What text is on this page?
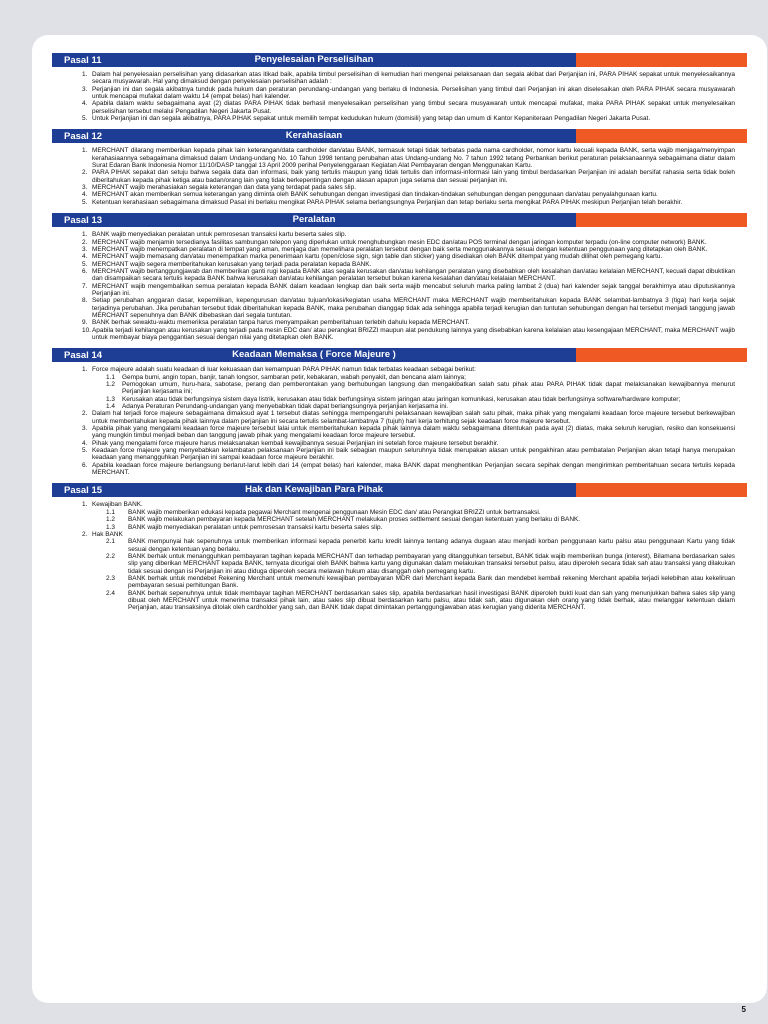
Pasal 11	Penyelesaian Perselisihan
1. Dalam hal penyelesaian perselisihan yang didasarkan atas itikad baik, apabila timbul perselisihan di kemudian hari mengenai pelaksanaan dan segala akibat dari Perjanjian ini, PARA PIHAK sepakat untuk menyelesaikannya secara musyawarah. Hal yang dimaksud dengan penyelesaian perselisihan adalah :
3. Perjanjian ini dan segala akibatnya tunduk pada hukum dan peraturan perundang-undangan yang berlaku di Indonesia. Perselisihan yang timbul dari Perjanjian ini akan diselesaikan oleh PARA PIHAK secara musyawarah untuk mencapai mufakat dalam waktu 14 (empat belas) hari kalender.
4. Apabila dalam waktu sebagaimana ayat (2) diatas PARA PIHAK tidak berhasil menyelesaikan perselisihan yang timbul secara musyawarah untuk mencapai mufakat, maka PARA PIHAK sepakat untuk menyelesaikan perselisihan tersebut melalui Pengadilan Negeri Jakarta Pusat.
5. Untuk Perjanjian ini dan segala akibatnya, PARA PIHAK sepakat untuk memilih tempat kedudukan hukum (domisili) yang tetap dan umum di Kantor Kepaniteraan Pengadilan Negeri Jakarta Pusat.
Pasal 12	Kerahasiaan
1. MERCHANT dilarang memberikan kepada pihak lain keterangan/data cardholder dan/atau BANK, termasuk tetapi tidak terbatas pada nama cardholder, nomor kartu kecuali kepada BANK, serta wajib menjaga/menyimpan kerahasiaannya sebagaimana dimaksud dalam Undang-undang No. 10 Tahun 1998 tentang perubahan atas Undang-undang No. 7 tahun 1992 tetang Perbankan berikut peraturan pelaksanaannya sebagaimana diatur dalam Surat Edaran Bank Indonesia Nomor 11/10/DASP tanggal 13 April 2009 perihal Penyelenggaraan Kegiatan Alat Pembayaran dengan Menggunakan Kartu.
2. PARA PIHAK sepakat dan setuju bahwa segala data dan informasi, baik yang tertulis maupun yang tidak tertulis dan informasi-informasi lain yang timbul berdasarkan Perjanjian ini adalah bersifat rahasia serta tidak boleh diberitahukan kepada pihak ketiga atau badan/orang lain yang tidak berkepentingan dengan alasan apapun juga selama dan sesuai perjanjian ini.
3. MERCHANT wajib merahasiakan segala keterangan dan data yang terdapat pada sales slip.
4. MERCHANT akan memberikan semua keterangan yang diminta oleh BANK sehubungan dengan investigasi dan tindakan-tindakan sehubungan dengan penggunaan dan/atau penyalahgunaan kartu.
5. Ketentuan kerahasiaan sebagaimana dimaksud Pasal ini berlaku mengikat PARA PIHAK selama berlangsungnya Perjanjian dan tetap berlaku serta mengikat PARA PIHAK meskipun Perjanjian telah berakhir.
Pasal 13	Peralatan
1. BANK wajib menyediakan peralatan untuk pemrosesan transaksi kartu beserta sales slip.
2. MERCHANT wajib menjamin tersedianya fasilitas sambungan telepon yang diperlukan untuk menghubungkan mesin EDC dan/atau POS terminal dengan jaringan komputer terpadu (on-line computer network) BANK.
3. MERCHANT wajib menempatkan peralatan di tempat yang aman, menjaga dan memelihara peralatan tersebut dengan baik serta menggunakannya sesuai dengan ketentuan penggunaan yang ditetapkan oleh BANK.
4. MERCHANT wajib memasang dan/atau menempatkan marka penerimaan kartu (open/close sign, sign table dan sticker) yang disediakan oleh BANK ditempat yang mudah dilihat oleh pemegang kartu.
5. MERCHANT wajib segera memberitahukan kerusakan yang terjadi pada peralatan kepada BANK.
6. MERCHANT wajib bertanggungjawab dan memberikan ganti rugi kepada BANK atas segala kerusakan dan/atau kehilangan peralatan yang disebabkan oleh kesalahan dan/atau kelalaian MERCHANT, kecuali dapat dibuktikan dan disampaikan secara tertulis kepada BANK bahwa kerusakan dan/atau kehilangan peralatan tersebut bukan karena kesalahan dan/atau kelalaian MERCHANT.
7. MERCHANT wajib mengembalikan semua peralatan kepada BANK dalam keadaan lengkap dan baik serta wajib mencabut seluruh marka paling lambat 2 (dua) hari kalender sejak tanggal berakhirnya atau diputuskannya Perjanjian ini.
8. Setiap perubahan anggaran dasar, kepemilikan, kepengurusan dan/atau tujuan/lokasi/kegiatan usaha MERCHANT maka MERCHANT wajib memberitahukan kepada BANK selambat-lambatnya 3 (tiga) hari kerja sejak terjadinya perubahan. Jika perubahan tersebut tidak diberitahukan kepada BANK, maka perubahan dianggap tidak ada sehingga apabila terjadi kerugian dan tuntutan sehubungan dengan hal tersebut menjadi tanggung jawab MERCHANT sepenuhnya dan BANK dibebaskan dari segala tuntutan.
9. BANK berhak sewaktu-waktu memeriksa peralatan tanpa harus menyampaikan pemberitahuan terlebih dahulu kepada MERCHANT.
10. Apabila terjadi kehilangan atau kerusakan yang terjadi pada mesin EDC dan/ atau perangkat BRIZZI maupun alat pendukung lainnya yang disebabkan karena kelalaian atau kesengajaan MERCHANT, maka MERCHANT wajib untuk membayar biaya penggantian sesuai dengan nilai yang ditetapkan oleh BANK.
Pasal 14	Keadaan Memaksa ( Force Majeure )
1. Force majeure adalah suatu keadaan di luar kekuasaan dan kemampuan PARA PIHAK namun tidak terbatas keadaan sebagai berikut:
1.1 Gempa bumi, angin topan, banjir, tanah longsor, sambaran petir, kebakaran, wabah penyakit, dan bencana alam lainnya;
1.2 Pemogokan umum, huru-hara, sabotase, perang dan pemberontakan yang berhubungan langsung dan mengakibatkan salah satu pihak atau PARA PIHAK tidak dapat melaksanakan kewajibannya menurut Perjanjian kerjasama ini;
1.3 Kerusakan atau tidak berfungsinya sistem daya listrik, kerusakan atau tidak berfungsinya sistem jaringan atau jaringan komunikasi, kerusakan atau tidak berfungsinya software/hardware komputer;
1.4 Adanya Peraturan Perundang-undangan yang menyebabkan tidak dapat berlangsungnya perjanjian kerjasama ini.
2. Dalam hal terjadi force majeure sebagaimana dimaksud ayat 1 tersebut diatas sehingga mempengaruhi pelaksanaan kewajiban salah satu pihak, maka pihak yang mengalami keadaan force majeure tersebut berkewajiban untuk memberitahukan kepada pihak lainnya dalam perjanjian ini secara tertulis selambat-lambatnya 7 (tujuh) hari kerja terhitung sejak keadaan force majeure tersebut.
3. Apabila pihak yang mengalami keadaan force majeure tersebut lalai untuk memberitahukan kepada pihak lainnya dalam waktu sebagaimana ditentukan pada ayat (2) diatas, maka seluruh kerugian, resiko dan konsekuensi yang mungkin timbul menjadi beban dan tanggung jawab pihak yang mengalami keadaan force majeure tersebut.
4. Pihak yang mengalami force majeure harus melaksanakan kembali kewajibannya sesuai Perjanjian ini setelah force majeure tersebut berakhir.
5. Keadaan force majeure yang menyebabkan kelambatan pelaksanaan Perjanjian ini baik sebagian maupun seluruhnya tidak merupakan alasan untuk pengakhiran atau pembatalan Perjanjian akan tetapi hanya merupakan keadaan yang menangguhkan Perjanjian ini sampai keadaan force majeure berakhir.
6. Apabila keadaan force majeure berlangsung berlarut-larut lebih dari 14 (empat belas) hari kalender, maka BANK dapat menghentikan Perjanjian secara sepihak dengan mengirimkan pemberitahuan secara tertulis kepada MERCHANT.
Pasal 15	Hak dan Kewajiban Para Pihak
1. Kewajiban BANK.
1.1 BANK wajib memberikan edukasi kepada pegawai Merchant mengenai penggunaan Mesin EDC dan/ atau Perangkat BRIZZI untuk bertransaksi.
1.2 BANK wajib melakukan pembayaran kepada MERCHANT setelah MERCHANT melakukan proses settlement sesuai dengan ketentuan yang berlaku di BANK.
1.3 BANK wajib menyediakan peralatan untuk pemrosesan transaksi kartu beserta sales slip.
2. Hak BANK
2.1 BANK mempunyai hak sepenuhnya untuk memberikan informasi kepada penerbit kartu kredit lainnya tentang adanya dugaan atau menjadi korban penggunaan kartu palsu atau penggunaan Kartu yang tidak sesuai dengan ketentuan yang berlaku.
2.2 BANK berhak untuk menangguhkan pembayaran tagihan kepada MERCHANT dan terhadap pembayaran yang ditangguhkan tersebut, BANK tidak wajib memberikan bunga (interest), Bilamana berdasarkan sales slip yang diberikan MERCHANT kepada BANK, ternyata dicurigai oleh BANK bahwa kartu yang digunakan dalam melakukan transaksi tersebut palsu, atau diperoleh secara tidak sah atau transaksi yang dilakukan tidak sesuai dengan isi Perjanjian ini atau diduga diperoleh secara melawan hukum atau disanggah oleh pemegang kartu.
2.3 BANK berhak untuk mendebet Rekening Merchant untuk memenuhi kewajiban pembayaran MDR dari Merchant kepada Bank dan mendebet kembali rekening Merchant apabila terjadi kelebihan atau kekeliruan pembayaran sesuai perhitungan Bank.
2.4 BANK berhak sepenuhnya untuk tidak membayar tagihan MERCHANT berdasarkan sales slip, apabila berdasarkan hasil investigasi BANK diperoleh bukti kuat dan sah yang menunjukkan bahwa sales slip yang dibuat oleh MERCHANT untuk menerima transaksi pihak lain, atau sales slip dibuat berdasarkan kartu palsu, atau tidak sah, atau digunakan oleh orang yang tidak berhak, atau melanggar ketentuan dalam Perjanjian, atau transaksinya ditolak oleh cardholder yang sah, dan BANK tidak dapat dimintakan pertanggungjawaban atas kerugian yang diderita MERCHANT.
5
